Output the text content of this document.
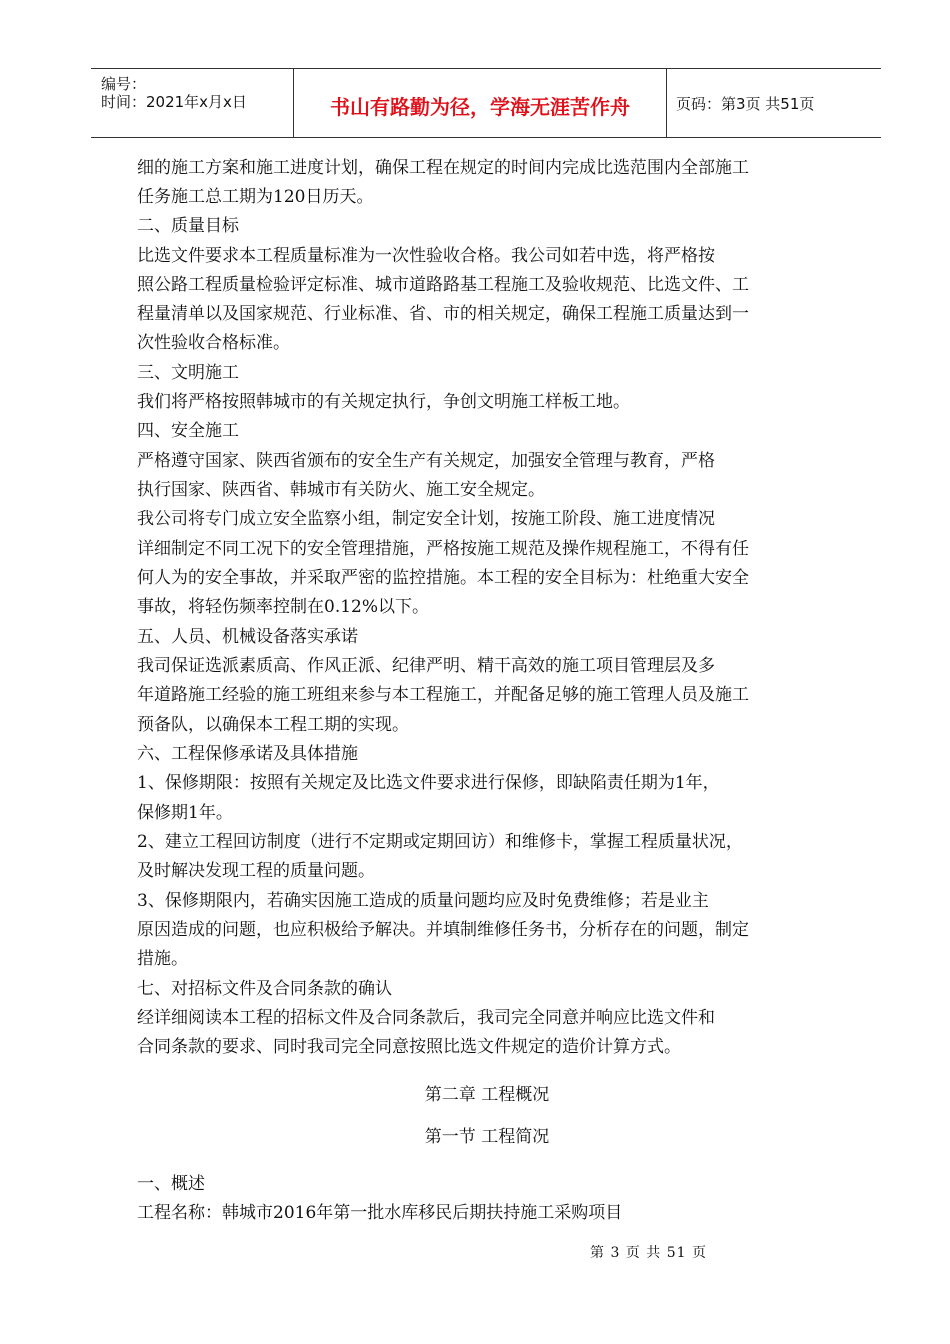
编号：
时间：2021年x月x日	书山有路勤为径，学海无涯苦作舟	页码：第3页 共51页
细的施工方案和施工进度计划，确保工程在规定的时间内完成比选范围内全部施工
任务施工总工期为120日历天。
二、质量目标
比选文件要求本工程质量标准为一次性验收合格。我公司如若中选，将严格按
照公路工程质量检验评定标准、城市道路路基工程施工及验收规范、比选文件、工
程量清单以及国家规范、行业标准、省、市的相关规定，确保工程施工质量达到一
次性验收合格标准。
三、文明施工
我们将严格按照韩城市的有关规定执行，争创文明施工样板工地。
四、安全施工
严格遵守国家、陕西省颁布的安全生产有关规定，加强安全管理与教育，严格
执行国家、陕西省、韩城市有关防火、施工安全规定。
我公司将专门成立安全监察小组，制定安全计划，按施工阶段、施工进度情况
详细制定不同工况下的安全管理措施，严格按施工规范及操作规程施工，不得有任
何人为的安全事故，并采取严密的监控措施。本工程的安全目标为：杜绝重大安全
事故，将轻伤频率控制在0.12%以下。
五、人员、机械设备落实承诺
我司保证选派素质高、作风正派、纪律严明、精干高效的施工项目管理层及多
年道路施工经验的施工班组来参与本工程施工，并配备足够的施工管理人员及施工
预备队，以确保本工程工期的实现。
六、工程保修承诺及具体措施
1、保修期限：按照有关规定及比选文件要求进行保修，即缺陷责任期为1年，
保修期1年。
2、建立工程回访制度（进行不定期或定期回访）和维修卡，掌握工程质量状况，
及时解决发现工程的质量问题。
3、保修期限内，若确实因施工造成的质量问题均应及时免费维修；若是业主
原因造成的问题，也应积极给予解决。并填制维修任务书，分析存在的问题，制定
措施。
七、对招标文件及合同条款的确认
经详细阅读本工程的招标文件及合同条款后，我司完全同意并响应比选文件和
合同条款的要求、同时我司完全同意按照比选文件规定的造价计算方式。
第二章 工程概况
第一节 工程简况
一、概述
工程名称：韩城市2016年第一批水库移民后期扶持施工采购项目
第 3 页 共 51 页
